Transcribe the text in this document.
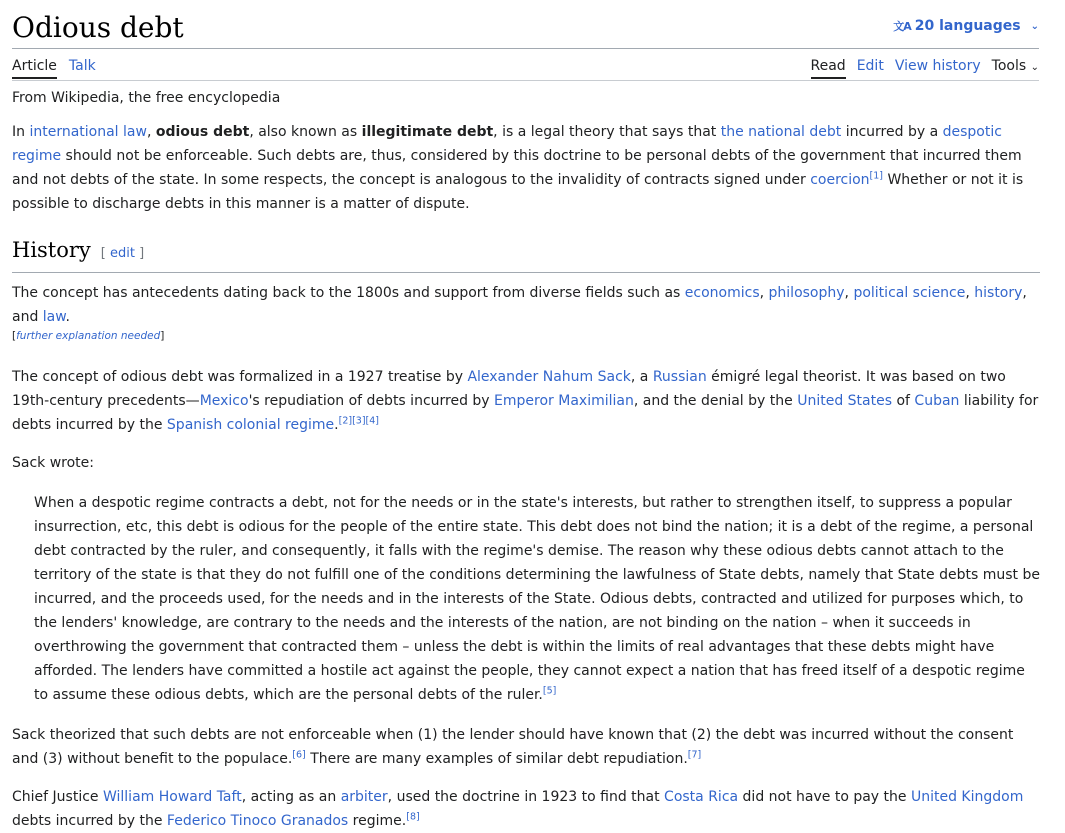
Odious debt	文A 20 languages ⌄
Article Talk	Read Edit View history Tools ⌄

From Wikipedia, the free encyclopedia

In international law, odious debt, also known as illegitimate debt, is a legal theory that says that the national debt incurred by a despotic regime should not be enforceable. Such debts are, thus, considered by this doctrine to be personal debts of the government that incurred them and not debts of the state. In some respects, the concept is analogous to the invalidity of contracts signed under coercion[1] Whether or not it is possible to discharge debts in this manner is a matter of dispute.

History [ edit ]

The concept has antecedents dating back to the 1800s and support from diverse fields such as economics, philosophy, political science, history, and law.

[further explanation needed]

The concept of odious debt was formalized in a 1927 treatise by Alexander Nahum Sack, a Russian émigré legal theorist. It was based on two 19th-century precedents—Mexico's repudiation of debts incurred by Emperor Maximilian, and the denial by the United States of Cuban liability for debts incurred by the Spanish colonial regime.[2][3][4]

Sack wrote:

When a despotic regime contracts a debt, not for the needs or in the state's interests, but rather to strengthen itself, to suppress a popular insurrection, etc, this debt is odious for the people of the entire state. This debt does not bind the nation; it is a debt of the regime, a personal debt contracted by the ruler, and consequently, it falls with the regime's demise. The reason why these odious debts cannot attach to the territory of the state is that they do not fulfill one of the conditions determining the lawfulness of State debts, namely that State debts must be incurred, and the proceeds used, for the needs and in the interests of the State. Odious debts, contracted and utilized for purposes which, to the lenders' knowledge, are contrary to the needs and the interests of the nation, are not binding on the nation – when it succeeds in overthrowing the government that contracted them – unless the debt is within the limits of real advantages that these debts might have afforded. The lenders have committed a hostile act against the people, they cannot expect a nation that has freed itself of a despotic regime to assume these odious debts, which are the personal debts of the ruler.[5]

Sack theorized that such debts are not enforceable when (1) the lender should have known that (2) the debt was incurred without the consent and (3) without benefit to the populace.[6] There are many examples of similar debt repudiation.[7]

Chief Justice William Howard Taft, acting as an arbiter, used the doctrine in 1923 to find that Costa Rica did not have to pay the United Kingdom debts incurred by the Federico Tinoco Granados regime.[8]
